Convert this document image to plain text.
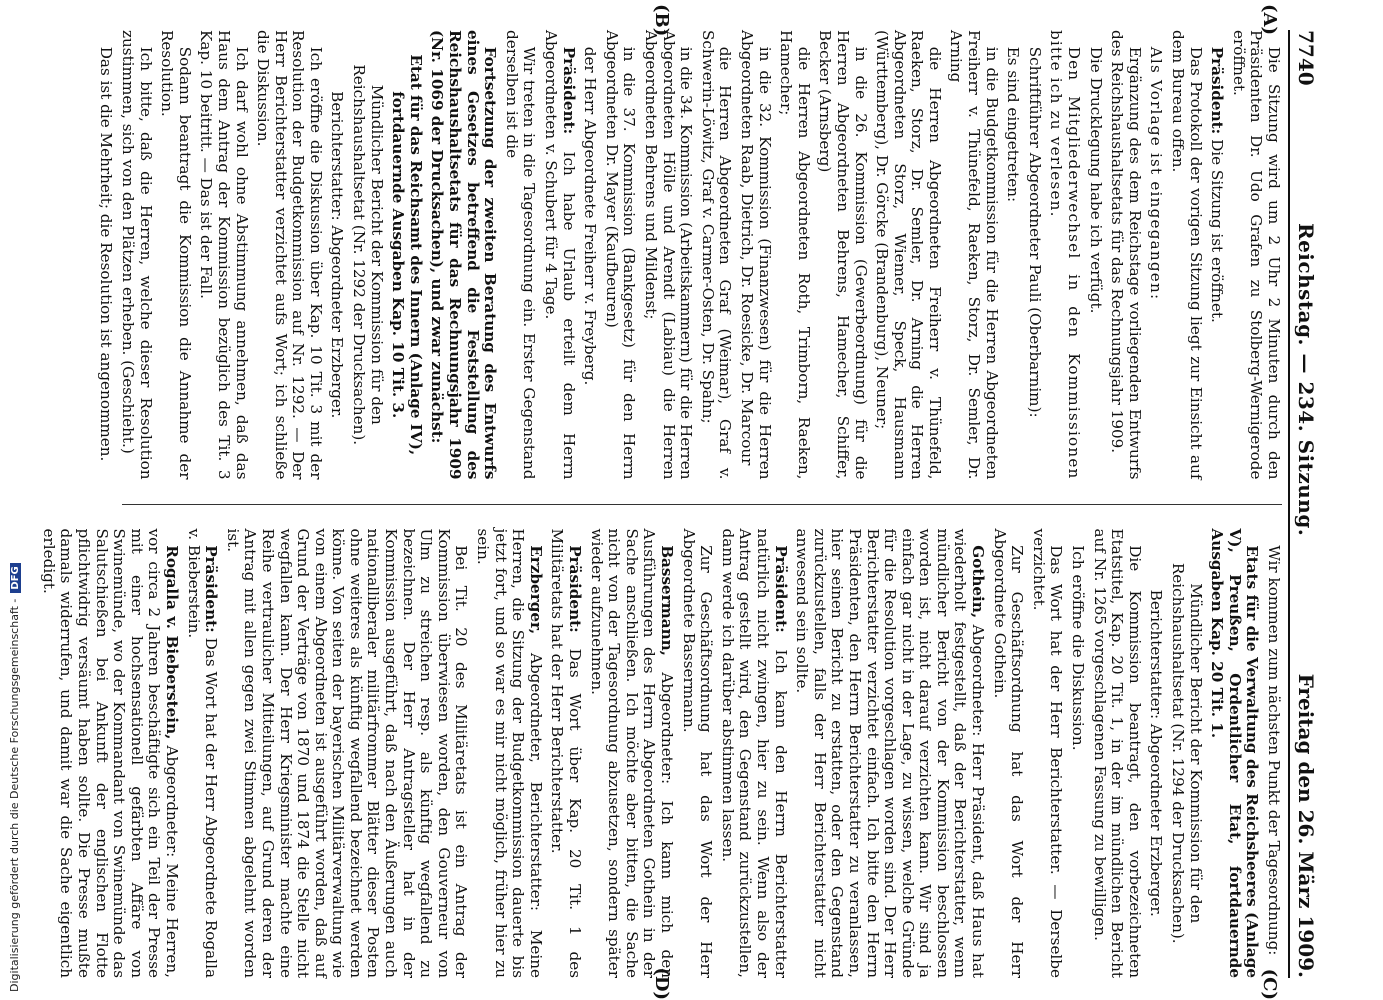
7740
Reichstag. — 234. Sitzung.
Freitag den 26. März 1909.
(A)
(B)
(C)
(D)

Die Sitzung wird um 2 Uhr 2 Minuten durch den Präsidenten Dr. Udo Grafen zu Stolberg-Wernigerode eröffnet.

Präsident: Die Sitzung ist eröffnet.

Das Protokoll der vorigen Sitzung liegt zur Einsicht auf dem Bureau offen.

Als Vorlage ist eingegangen:

Ergänzung des dem Reichstage vorliegenden Entwurfs des Reichshaushaltsetats für das Rechnungsjahr 1909.

Die Drucklegung habe ich verfügt.

Den Mitgliederwechsel in den Kommissionen bitte ich zu verlesen.

Schriftführer Abgeordneter Pauli (Oberbarnim):

Es sind eingetreten:

in die Budgetkommission für die Herren Abgeordneten Freiherr v. Thünefeld, Raeken, Storz, Dr. Semler, Dr. Arning

die Herren Abgeordneten Freiherr v. Thünefeld, Raeken, Storz, Dr. Semler, Dr. Arning die Herren Abgeordneten Storz, Wiemer, Speck, Hausmann (Württemberg), Dr. Görcke (Brandenburg), Neuner;

in die 26. Kommission (Gewerbeordnung) für die Herren Abgeordneten Behrens, Hamecher, Schiffer, Becker (Arnsberg)

die Herren Abgeordneten Roth, Trimborn, Raeken, Hamecher;

in die 32. Kommission (Finanzwesen) für die Herren Abgeordneten Raab, Dietrich, Dr. Roesicke, Dr. Marcour

die Herren Abgeordneten Graf (Weimar), Graf v. Schwerin-Löwitz, Graf v. Carmer-Osten, Dr. Spahn;

in die 34. Kommission (Arbeitskammern) für die Herren Abgeordneten Hölle und Arendt (Labiau) die Herren Abgeordneten Behrens und Mildenst;

in die 37. Kommission (Bankgesetz) für den Herrn Abgeordneten Dr. Mayer (Kaufbeuren)

der Herr Abgeordnete Freiherr v. Freyberg.

Präsident: Ich habe Urlaub erteilt dem Herrn Abgeordneten v. Schubert für 4 Tage.

Wir treten in die Tagesordnung ein. Erster Gegenstand derselben ist die

Fortsetzung der zweiten Beratung des Entwurfs eines Gesetzes betreffend die Feststellung des Reichshaushaltsetats für das Rechnungsjahr 1909 (Nr. 1069 der Drucksachen), und zwar zunächst:

Etat für das Reichsamt des Innern (Anlage IV), fortdauernde Ausgaben Kap. 10 Tit. 3.

Mündlicher Bericht der Kommission für den Reichshaushaltsetat (Nr. 1292 der Drucksachen).

Berichterstatter: Abgeordneter Erzberger.

Ich eröffne die Diskussion über Kap. 10 Tit. 3 mit der Resolution der Budgetkommission auf Nr. 1292. — Der Herr Berichterstatter verzichtet aufs Wort; ich schließe die Diskussion.

Ich darf wohl ohne Abstimmung annehmen, daß das Haus dem Antrag der Kommission bezüglich des Tit. 3 Kap. 10 beitritt. — Das ist der Fall.

Sodann beantragt die Kommission die Annahme der Resolution.

Ich bitte, daß die Herren, welche dieser Resolution zustimmen, sich von den Plätzen erheben. (Geschieht.)

Das ist die Mehrheit; die Resolution ist angenommen.

Wir kommen zum nächsten Punkt der Tagesordnung:

Etats für die Verwaltung des Reichsheeres (Anlage V), Preußen, Ordentlicher Etat, fortdauernde Ausgaben Kap. 20 Tit. 1.

Mündlicher Bericht der Kommission für den Reichshaushaltsetat (Nr. 1294 der Drucksachen).

Berichterstatter: Abgeordneter Erzberger.

Die Kommission beantragt, den vorbezeichneten Etatstitel, Kap. 20 Tit. 1, in der im mündlichen Bericht auf Nr. 1265 vorgeschlagenen Fassung zu bewilligen.

Ich eröffne die Diskussion.

Das Wort hat der Herr Berichterstatter. — Derselbe verzichtet.

Zur Geschäftsordnung hat das Wort der Herr Abgeordnete Gothein.

Gothein, Abgeordneter: Herr Präsident, daß Haus hat wiederholt festgestellt, daß der Berichterstatter, wenn mündlicher Bericht von der Kommission beschlossen worden ist, nicht darauf verzichten kann. Wir sind ja einfach gar nicht in der Lage, zu wissen, welche Gründe für die Resolution vorgeschlagen worden sind. Der Herr Berichterstatter verzichtet einfach. Ich bitte den Herrn Präsidenten, den Herrn Berichterstatter zu veranlassen, hier seinen Bericht zu erstatten, oder den Gegenstand zurückzustellen, falls der Herr Berichterstatter nicht anwesend sein sollte.

Präsident: Ich kann den Herrn Berichterstatter natürlich nicht zwingen, hier zu sein. Wenn also der Antrag gestellt wird, den Gegenstand zurückzustellen, dann werde ich darüber abstimmen lassen.

Zur Geschäftsordnung hat das Wort der Herr Abgeordnete Bassermann.

Bassermann, Abgeordneter: Ich kann mich den Ausführungen des Herrn Abgeordneten Gothein in der Sache anschließen. Ich möchte aber bitten, die Sache nicht von der Tagesordnung abzusetzen, sondern später wieder aufzunehmen.

Präsident: Das Wort über Kap. 20 Tit. 1 des Militäretats hat der Herr Berichterstatter.

Erzberger, Abgeordneter, Berichterstatter: Meine Herren, die Sitzung der Budgetkommission dauerte bis jetzt fort, und so war es mir nicht möglich, früher hier zu sein.

Bei Tit. 20 des Militäretats ist ein Antrag der Kommission überwiesen worden, den Gouverneur von Ulm zu streichen resp. als künftig wegfallend zu bezeichnen. Der Herr Antragsteller hat in der Kommission ausgeführt, daß nach den Äußerungen auch nationalliberaler militärfrommer Blätter dieser Posten ohne weiteres als künftig wegfallend bezeichnet werden könne. Von seiten der bayerischen Militärverwaltung wie von einem Abgeordneten ist ausgeführt worden, daß auf Grund der Verträge von 1870 und 1874 die Stelle nicht wegfallen kann. Der Herr Kriegsminister machte eine Reihe vertraulicher Mitteilungen, auf Grund deren der Antrag mit allen gegen zwei Stimmen abgelehnt worden ist.

Präsident: Das Wort hat der Herr Abgeordnete Rogalla v. Bieberstein.

Rogalla v. Bieberstein, Abgeordneter: Meine Herren, vor circa 2 Jahren beschäftigte sich ein Teil der Presse mit einer hochsensationell gefärbten Affäre von Swinemünde, wo der Kommandant von Swinemünde das Salutschießen bei Ankunft der englischen Flotte pflichtwidrig versäumt haben sollte. Die Presse mußte damals widerrufen, und damit war die Sache eigentlich erledigt.

Digitalisierung gefördert durch die Deutsche Forschungsgemeinschaft -DFG
